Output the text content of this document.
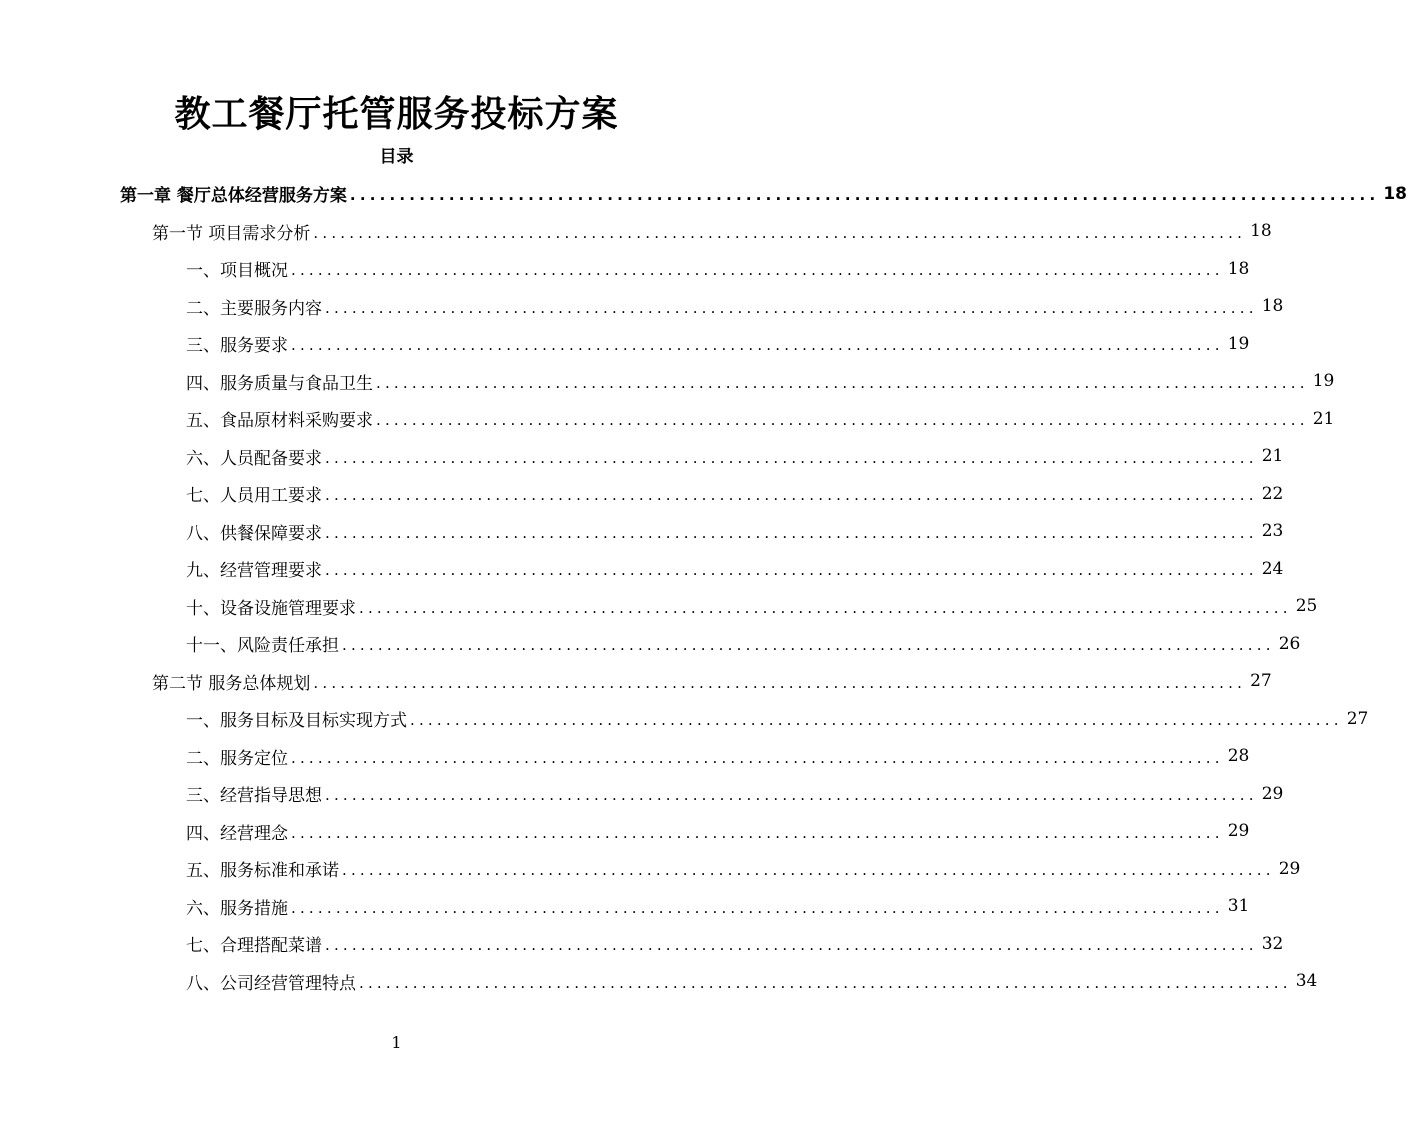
教工餐厅托管服务投标方案
目录
第一章 餐厅总体经营服务方案 ........................................................................................................ 18
第一节 项目需求分析 ........................................................................................................ 18
一、项目概况 ........................................................................................................ 18
二、主要服务内容 ........................................................................................................ 18
三、服务要求 ........................................................................................................ 19
四、服务质量与食品卫生 ........................................................................................................ 19
五、食品原材料采购要求 ........................................................................................................ 21
六、人员配备要求 ........................................................................................................ 21
七、人员用工要求 ........................................................................................................ 22
八、供餐保障要求 ........................................................................................................ 23
九、经营管理要求 ........................................................................................................ 24
十、设备设施管理要求 ........................................................................................................ 25
十一、风险责任承担 ........................................................................................................ 26
第二节 服务总体规划 ........................................................................................................ 27
一、服务目标及目标实现方式 ........................................................................................................ 27
二、服务定位 ........................................................................................................ 28
三、经营指导思想 ........................................................................................................ 29
四、经营理念 ........................................................................................................ 29
五、服务标准和承诺 ........................................................................................................ 29
六、服务措施 ........................................................................................................ 31
七、合理搭配菜谱 ........................................................................................................ 32
八、公司经营管理特点 ........................................................................................................ 34
1
